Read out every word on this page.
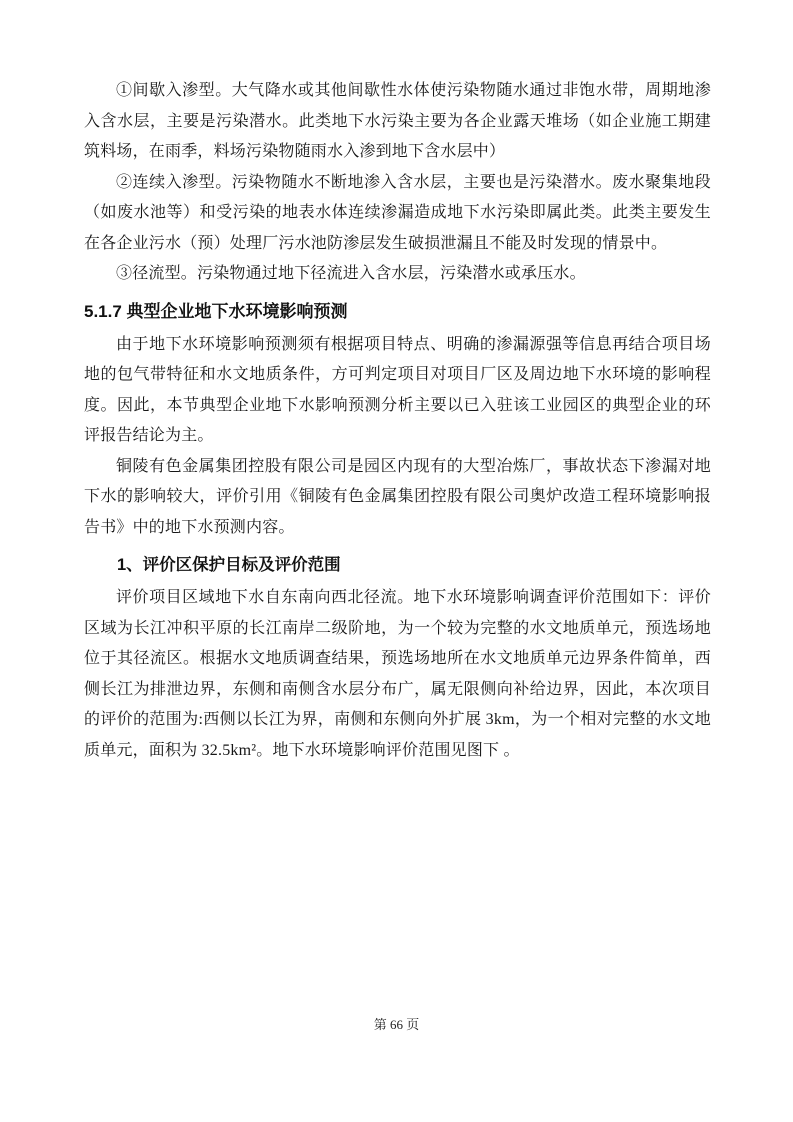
①间歇入渗型。大气降水或其他间歇性水体使污染物随水通过非饱水带，周期地渗入含水层，主要是污染潜水。此类地下水污染主要为各企业露天堆场（如企业施工期建筑料场，在雨季，料场污染物随雨水入渗到地下含水层中）

②连续入渗型。污染物随水不断地渗入含水层，主要也是污染潜水。废水聚集地段（如废水池等）和受污染的地表水体连续渗漏造成地下水污染即属此类。此类主要发生在各企业污水（预）处理厂污水池防渗层发生破损泄漏且不能及时发现的情景中。

③径流型。污染物通过地下径流进入含水层，污染潜水或承压水。

5.1.7 典型企业地下水环境影响预测

由于地下水环境影响预测须有根据项目特点、明确的渗漏源强等信息再结合项目场地的包气带特征和水文地质条件，方可判定项目对项目厂区及周边地下水环境的影响程度。因此，本节典型企业地下水影响预测分析主要以已入驻该工业园区的典型企业的环评报告结论为主。

铜陵有色金属集团控股有限公司是园区内现有的大型冶炼厂，事故状态下渗漏对地下水的影响较大，评价引用《铜陵有色金属集团控股有限公司奥炉改造工程环境影响报告书》中的地下水预测内容。

1、评价区保护目标及评价范围

评价项目区域地下水自东南向西北径流。地下水环境影响调查评价范围如下：评价区域为长江冲积平原的长江南岸二级阶地，为一个较为完整的水文地质单元，预选场地位于其径流区。根据水文地质调查结果，预选场地所在水文地质单元边界条件简单，西侧长江为排泄边界，东侧和南侧含水层分布广，属无限侧向补给边界，因此，本次项目的评价的范围为:西侧以长江为界，南侧和东侧向外扩展 3km，为一个相对完整的水文地质单元，面积为 32.5km²。地下水环境影响评价范围见图下 。

第 66 页
